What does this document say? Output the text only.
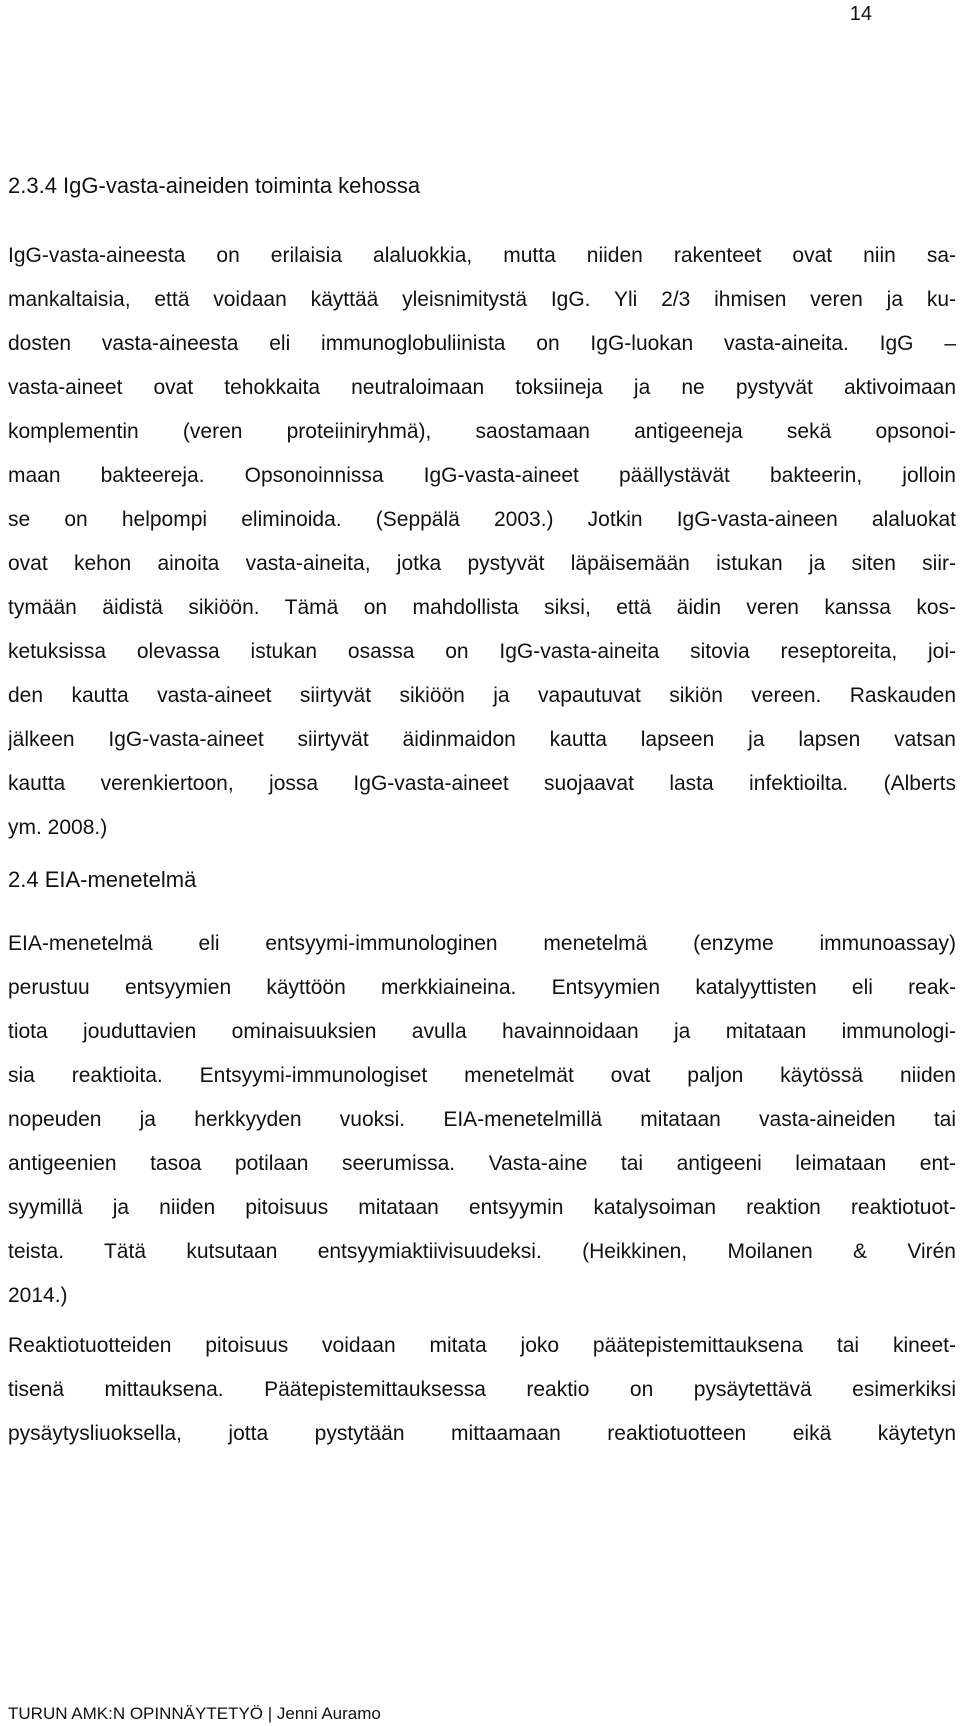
14
2.3.4 IgG-vasta-aineiden toiminta kehossa
IgG-vasta-aineesta on erilaisia alaluokkia, mutta niiden rakenteet ovat niin sa-
mankaltaisia, että voidaan käyttää yleisnimitystä IgG. Yli 2/3 ihmisen veren ja ku-
dosten vasta-aineesta eli immunoglobuliinista on IgG-luokan vasta-aineita. IgG –
vasta-aineet ovat tehokkaita neutraloimaan toksiineja ja ne pystyvät aktivoimaan
komplementin (veren proteiiniryhmä), saostamaan antigeeneja sekä opsonoi-
maan bakteereja. Opsonoinnissa IgG-vasta-aineet päällystävät bakteerin, jolloin
se on helpompi eliminoida. (Seppälä 2003.) Jotkin IgG-vasta-aineen alaluokat
ovat kehon ainoita vasta-aineita, jotka pystyvät läpäisemään istukan ja siten siir-
tymään äidistä sikiöön. Tämä on mahdollista siksi, että äidin veren kanssa kos-
ketuksissa olevassa istukan osassa on IgG-vasta-aineita sitovia reseptoreita, joi-
den kautta vasta-aineet siirtyvät sikiöön ja vapautuvat sikiön vereen. Raskauden
jälkeen IgG-vasta-aineet siirtyvät äidinmaidon kautta lapseen ja lapsen vatsan
kautta verenkiertoon, jossa IgG-vasta-aineet suojaavat lasta infektioilta. (Alberts
ym. 2008.)
2.4 EIA-menetelmä
EIA-menetelmä eli entsyymi-immunologinen menetelmä (enzyme immunoassay)
perustuu entsyymien käyttöön merkkiaineina. Entsyymien katalyyttisten eli reak-
tiota jouduttavien ominaisuuksien avulla havainnoidaan ja mitataan immunologi-
sia reaktioita. Entsyymi-immunologiset menetelmät ovat paljon käytössä niiden
nopeuden ja herkkyyden vuoksi. EIA-menetelmillä mitataan vasta-aineiden tai
antigeenien tasoa potilaan seerumissa. Vasta-aine tai antigeeni leimataan ent-
syymillä ja niiden pitoisuus mitataan entsyymin katalysoiman reaktion reaktiotuot-
teista. Tätä kutsutaan entsyymiaktiivisuudeksi. (Heikkinen, Moilanen & Virén
2014.)
Reaktiotuotteiden pitoisuus voidaan mitata joko päätepistemittauksena tai kineet-
tisenä mittauksena. Päätepistemittauksessa reaktio on pysäytettävä esimerkiksi
pysäytysliuoksella, jotta pystytään mittaamaan reaktiotuotteen eikä käytetyn
TURUN AMK:N OPINNÄYTETYÖ | Jenni Auramo
